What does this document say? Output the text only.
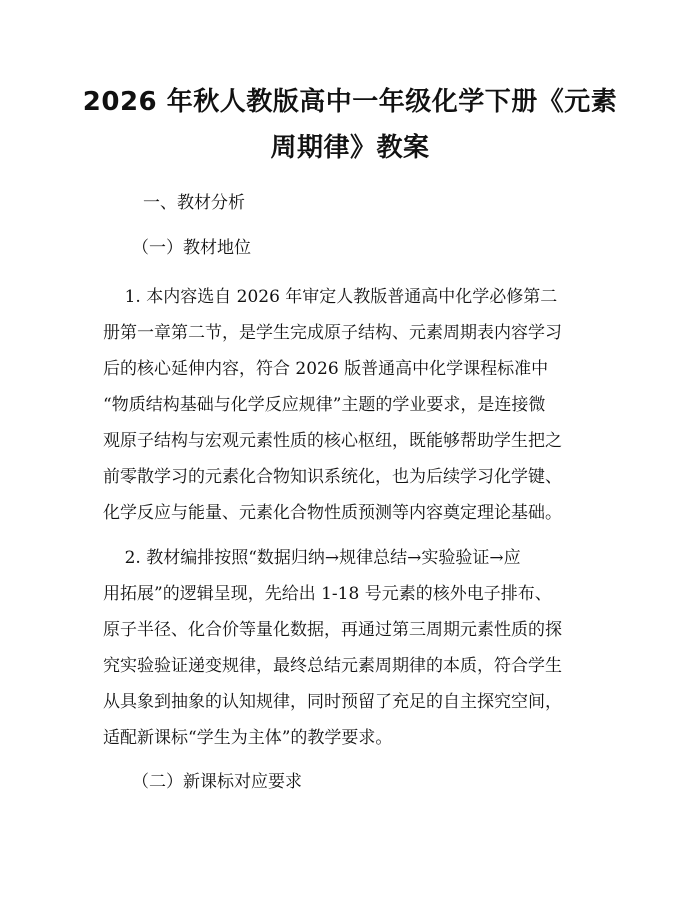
2026 年秋人教版高中一年级化学下册《元素
周期律》教案
一、教材分析
（一）教材地位
1. 本内容选自 2026 年审定人教版普通高中化学必修第二
册第一章第二节，是学生完成原子结构、元素周期表内容学习
后的核心延伸内容，符合 2026 版普通高中化学课程标准中
“物质结构基础与化学反应规律”主题的学业要求，是连接微
观原子结构与宏观元素性质的核心枢纽，既能够帮助学生把之
前零散学习的元素化合物知识系统化，也为后续学习化学键、
化学反应与能量、元素化合物性质预测等内容奠定理论基础。
2. 教材编排按照“数据归纳→规律总结→实验验证→应
用拓展”的逻辑呈现，先给出 1-18 号元素的核外电子排布、
原子半径、化合价等量化数据，再通过第三周期元素性质的探
究实验验证递变规律，最终总结元素周期律的本质，符合学生
从具象到抽象的认知规律，同时预留了充足的自主探究空间，
适配新课标“学生为主体”的教学要求。
（二）新课标对应要求
